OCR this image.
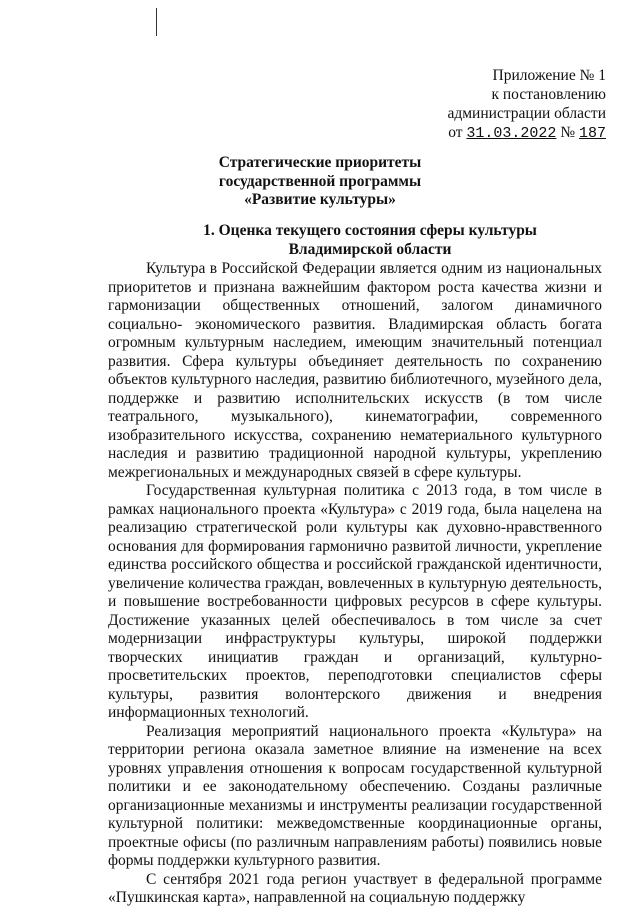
Приложение № 1
к постановлению
администрации области
от 31.03.2022 № 187
Стратегические приоритеты
государственной программы
«Развитие культуры»
1. Оценка текущего состояния сферы культуры
Владимирской области

Культура в Российской Федерации является одним из национальных приоритетов и признана важнейшим фактором роста качества жизни и гармонизации общественных отношений, залогом динамичного социально- экономического развития. Владимирская область богата огромным культурным наследием, имеющим значительный потенциал развития. Сфера культуры объединяет деятельность по сохранению объектов культурного наследия, развитию библиотечного, музейного дела, поддержке и развитию исполнительских искусств (в том числе театрального, музыкального), кинематографии, современного изобразительного искусства, сохранению нематериального культурного наследия и развитию традиционной народной культуры, укреплению межрегиональных и международных связей в сфере культуры.

Государственная культурная политика с 2013 года, в том числе в рамках национального проекта «Культура» с 2019 года, была нацелена на реализацию стратегической роли культуры как духовно-нравственного основания для формирования гармонично развитой личности, укрепление единства российского общества и российской гражданской идентичности, увеличение количества граждан, вовлеченных в культурную деятельность, и повышение востребованности цифровых ресурсов в сфере культуры. Достижение указанных целей обеспечивалось в том числе за счет модернизации инфраструктуры культуры, широкой поддержки творческих инициатив граждан и организаций, культурно-просветительских проектов, переподготовки специалистов сферы культуры, развития волонтерского движения и внедрения информационных технологий.

Реализация мероприятий национального проекта «Культура» на территории региона оказала заметное влияние на изменение на всех уровнях управления отношения к вопросам государственной культурной политики и ее законодательному обеспечению. Созданы различные организационные механизмы и инструменты реализации государственной культурной политики: межведомственные координационные органы, проектные офисы (по различным направлениям работы) появились новые формы поддержки культурного развития.

С сентября 2021 года регион участвует в федеральной программе «Пушкинская карта», направленной на социальную поддержку
